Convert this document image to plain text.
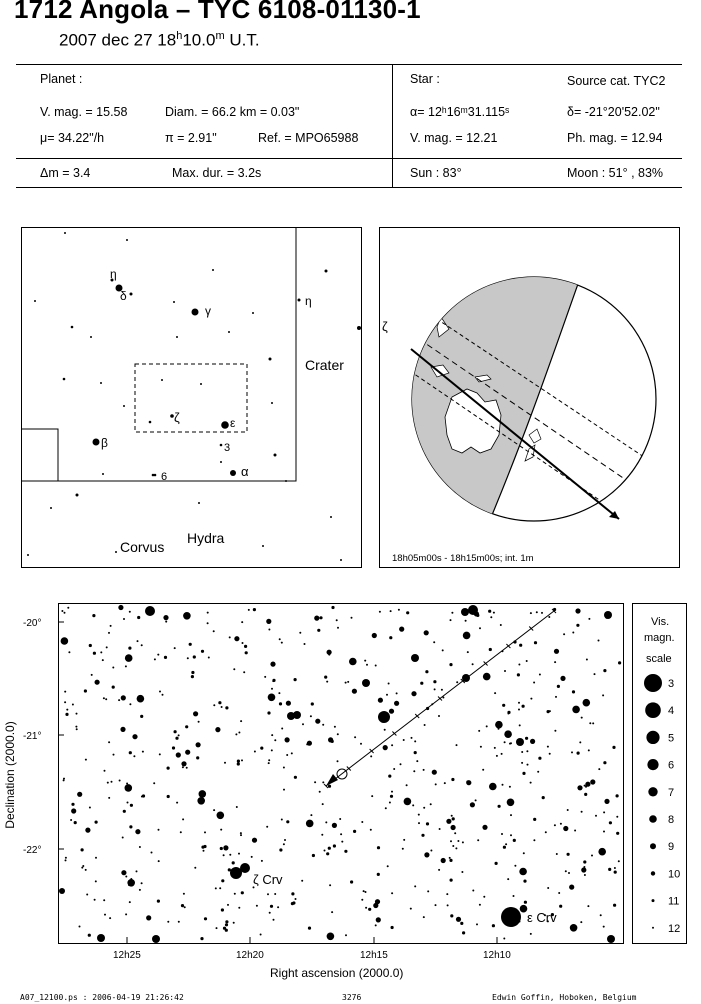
1712 Angola – TYC 6108-01130-1
2007 dec 27 18$^h$10.0$^m$ U.T.
Planet :
V. mag. = 15.58	Diam. = 66.2 km = 0.03"
μ= 34.22"/h	π = 2.91"	Ref. = MPO65988
Δm = 3.4	Max. dur. = 3.2s
Star :	Source cat. TYC2
α= 12ʰ16ᵐ31.115ˢ	δ= -21°20'52.02"
V. mag. = 12.21	Ph. mag. = 12.94
Sun : 83°	Moon : 51° , 83%
Corvus
Crater
Hydra
η
δ
γ
η
ζ	ε
β
α
3
6
ζ
18h05m00s - 18h15m00s; int. 1m
Declination (2000.0)
-20°
-21°
-22°
12h25	12h20	12h15	12h10
Right ascension (2000.0)
ζ Crv
ε Crv
Vis.
magn.
scale
3
4
5
6
7
8
9
10
11
12
A07_12100.ps : 2006-04-19 21:26:42	3276	Edwin Goffin, Hoboken, Belgium
